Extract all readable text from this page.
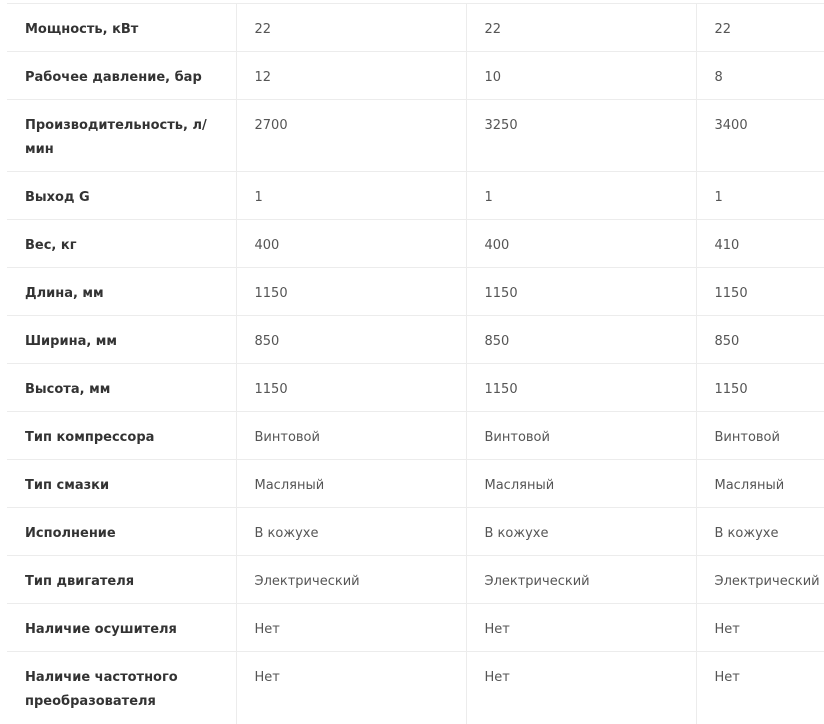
Мощность, кВт	22	22	22
Рабочее давление, бар	12	10	8
Производительность, л/мин	2700	3250	3400
Выход G	1	1	1
Вес, кг	400	400	410
Длина, мм	1150	1150	1150
Ширина, мм	850	850	850
Высота, мм	1150	1150	1150
Тип компрессора	Винтовой	Винтовой	Винтовой
Тип смазки	Масляный	Масляный	Масляный
Исполнение	В кожухе	В кожухе	В кожухе
Тип двигателя	Электрический	Электрический	Электрический
Наличие осушителя	Нет	Нет	Нет
Наличие частотного преобразователя	Нет	Нет	Нет
